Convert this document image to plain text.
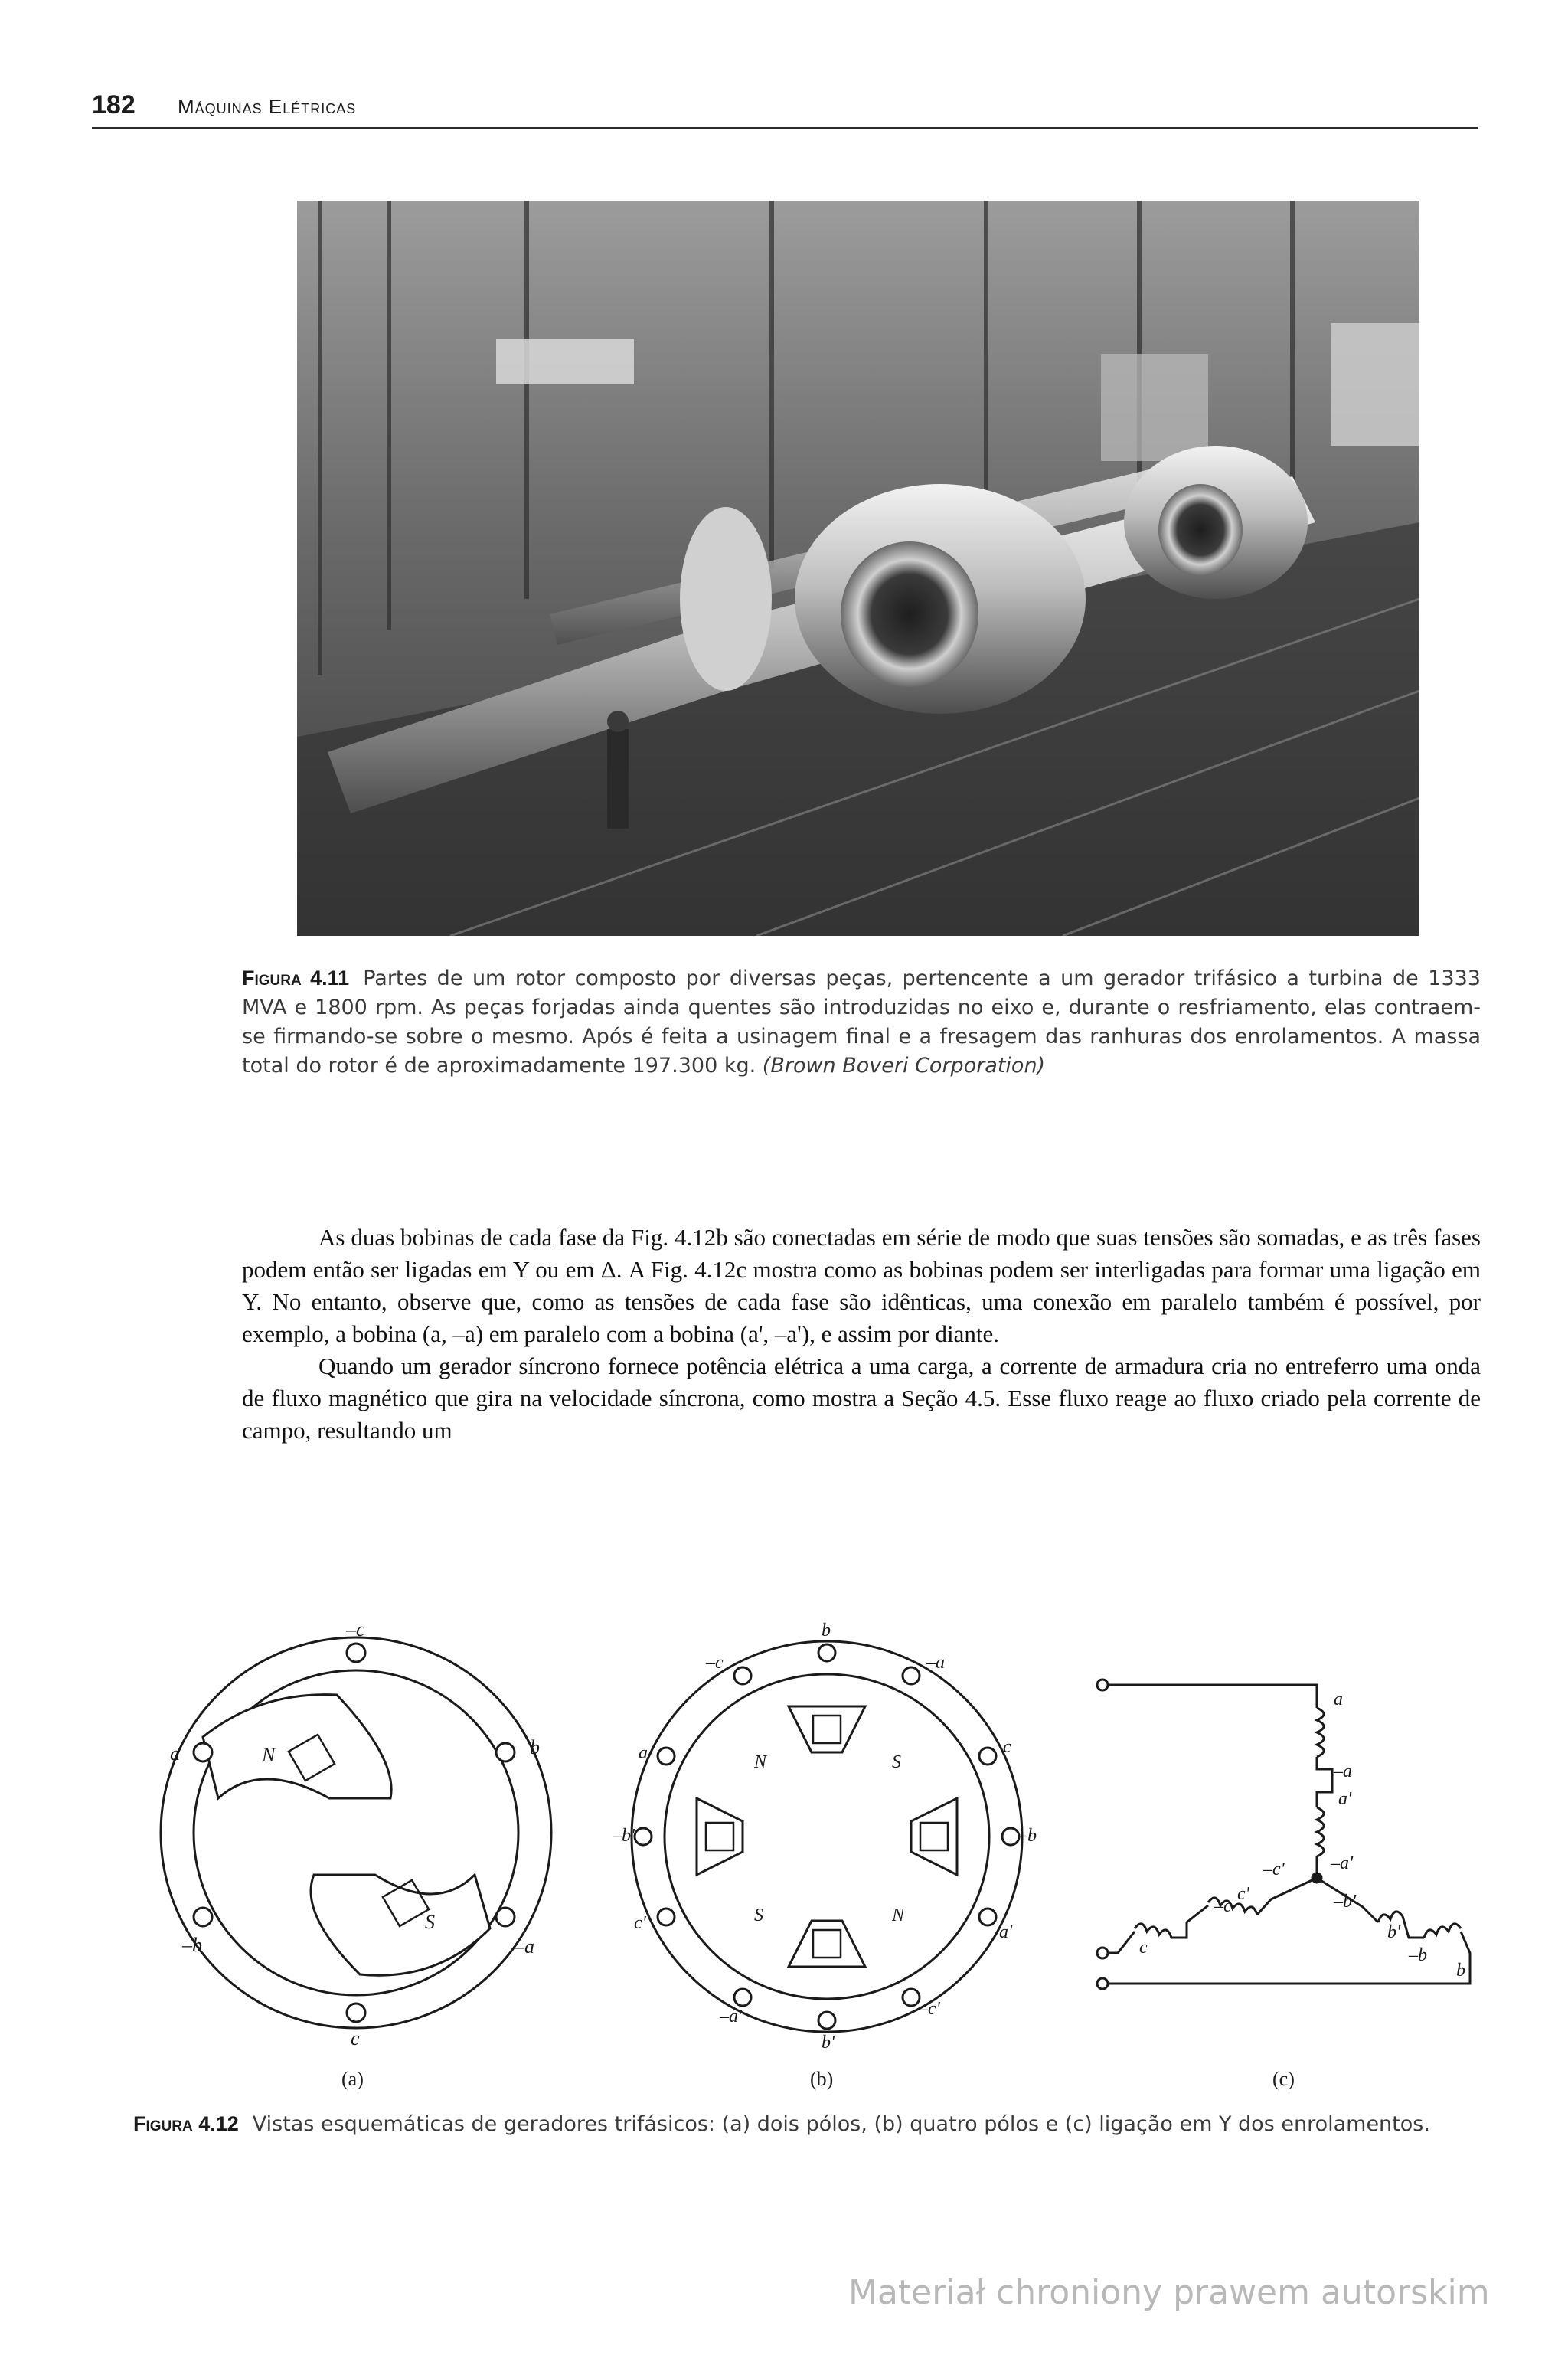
182 Máquinas Elétricas
Figura 4.11 Partes de um rotor composto por diversas peças, pertencente a um gerador trifásico a turbina de 1333 MVA e 1800 rpm. As peças forjadas ainda quentes são introduzidas no eixo e, durante o resfriamento, elas contraem-se firmando-se sobre o mesmo. Após é feita a usinagem final e a fresagem das ranhuras dos enrolamentos. A massa total do rotor é de aproximadamente 197.300 kg. (Brown Boveri Corporation)

As duas bobinas de cada fase da Fig. 4.12b são conectadas em série de modo que suas tensões são somadas, e as três fases podem então ser ligadas em Y ou em Δ. A Fig. 4.12c mostra como as bobinas podem ser interligadas para formar uma ligação em Y. No entanto, observe que, como as tensões de cada fase são idênticas, uma conexão em paralelo também é possível, por exemplo, a bobina (a, –a) em paralelo com a bobina (a', –a'), e assim por diante.

Quando um gerador síncrono fornece potência elétrica a uma carga, a corrente de armadura cria no entreferro uma onda de fluxo magnético que gira na velocidade síncrona, como mostra a Seção 4.5. Esse fluxo reage ao fluxo criado pela corrente de campo, resultando um

–c
a	b
–b	–a
c
N
S
b
–c	–a
a	c
–b'	–b
c'	a'
–a'	–c'
b'
N	S
S	N
a
–a
a'
–a'
–c'
c'
–c
c
–b'
b'
–b
b
(a)	(b)	(c)
Figura 4.12 Vistas esquemáticas de geradores trifásicos: (a) dois pólos, (b) quatro pólos e (c) ligação em Y dos enrolamentos.
Materiał chroniony prawem autorskim
